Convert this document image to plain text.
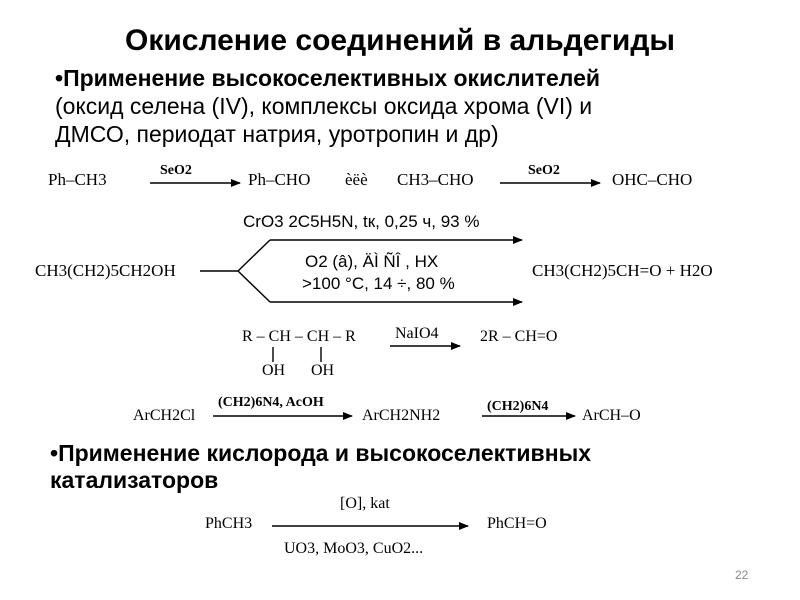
Окисление соединений в альдегиды
•Применение высокоселективных окислителей
(оксид селена (IV), комплексы оксида хрома (VI) и
ДМСО, периодат натрия, уротропин и др)
Ph–CH3	SeO2	Ph–CHO èëè CH3–CHO	SeO2	OHC–CHO
CrO3 2C5H5N, tк, 0,25 ч, 93 %
CH3(CH2)5CH2OH	O2 (â), ÄÌ ÑÎ , HX
>100 °С, 14 ÷, 80 %
CH3(CH2)5CH=O + H2O
R – CH – CH – R
OH OH
NaIO4	2R – CH=O
ArCH2Cl
(CH2)6N4, AcOH
ArCH2NH2
(CH2)6N4
ArCH–O
•Применение кислорода и высокоселективных
катализаторов
[O], kat
PhCH3	PhCH=O
UO3, MoO3, CuO2...
22
